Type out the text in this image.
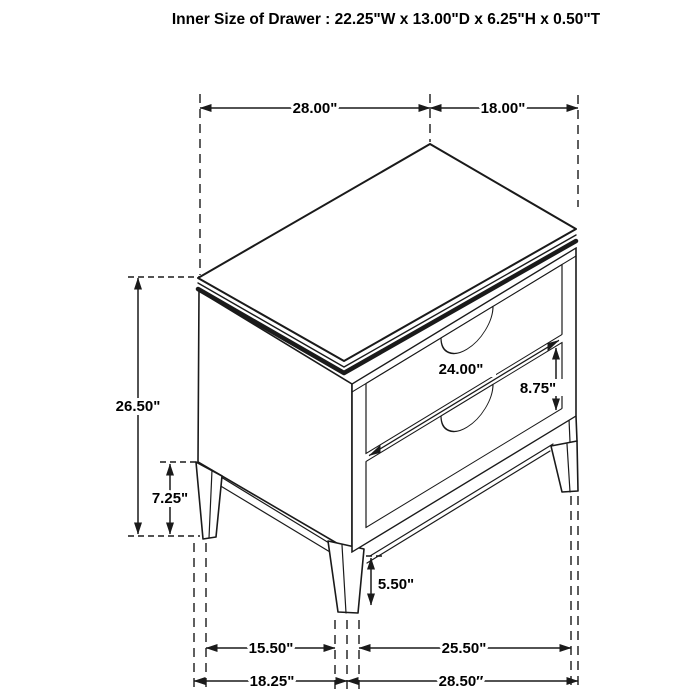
Inner Size of Drawer : 22.25"W x 13.00"D x 6.25"H x 0.50"T
28.00"	18.00"
26.50"
7.25"
24.00"
8.75"
5.50"
15.50"	25.50"
18.25"	28.50″
